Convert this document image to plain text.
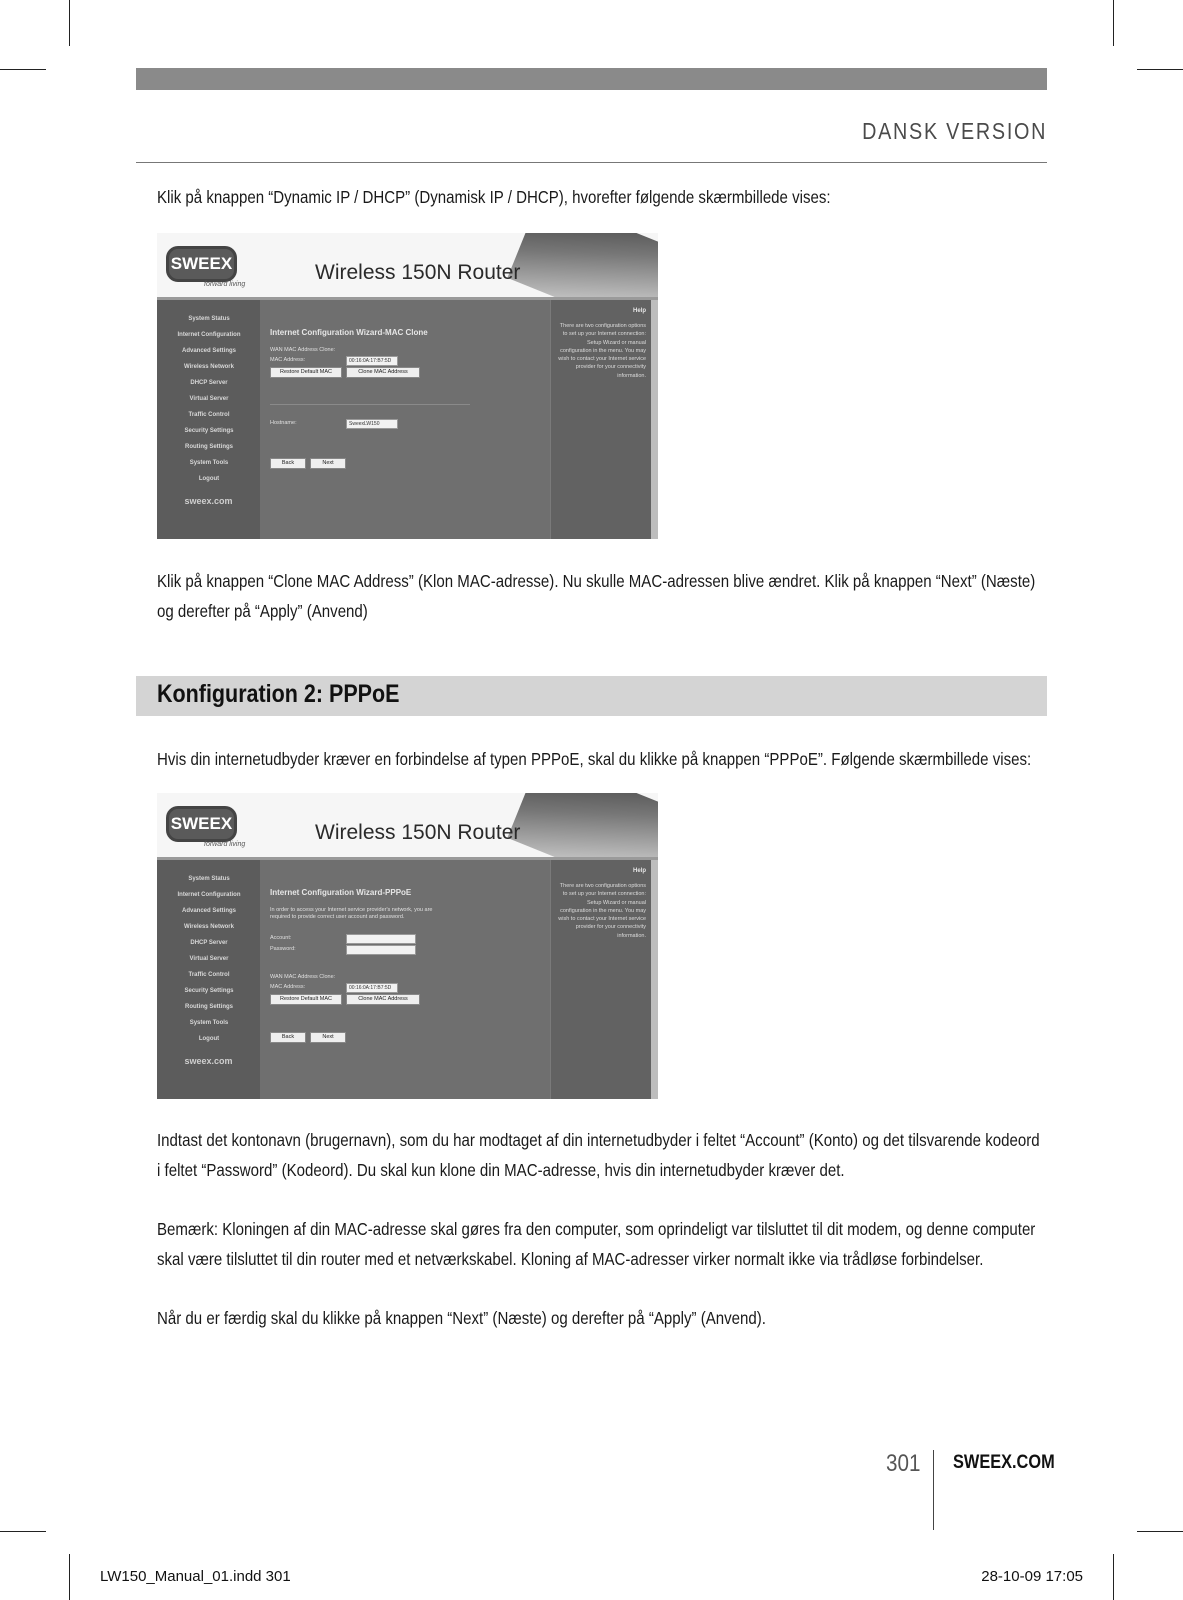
DANSK VERSION
Klik på knappen “Dynamic IP / DHCP” (Dynamisk IP / DHCP), hvorefter følgende skærmbillede vises:
SWEEX
forward living
Wireless 150N Router
System Status
Internet Configuration
Advanced Settings
Wireless Network
DHCP Server
Virtual Server
Traffic Control
Security Settings
Routing Settings
System Tools
Logout
sweex.com
Internet Configuration Wizard-MAC Clone
WAN MAC Address Clone:
MAC Address:	00:16:0A:17:B7:5D
Restore Default MAC	Clone MAC Address
Hostname:	SweexLW150
Back	Next
Help
There are two configuration options to set up your Internet connection: Setup Wizard or manual configuration in the menu. You may wish to contact your Internet service provider for your connectivity information.
Klik på knappen “Clone MAC Address” (Klon MAC-adresse). Nu skulle MAC-adressen blive ændret. Klik på knappen “Next” (Næste) og derefter på “Apply” (Anvend)
Konfiguration 2: PPPoE
Hvis din internetudbyder kræver en forbindelse af typen PPPoE, skal du klikke på knappen “PPPoE”. Følgende skærmbillede vises:
SWEEX
forward living
Wireless 150N Router
System Status
Internet Configuration
Advanced Settings
Wireless Network
DHCP Server
Virtual Server
Traffic Control
Security Settings
Routing Settings
System Tools
Logout
sweex.com
Internet Configuration Wizard-PPPoE
In order to access your Internet service provider's network, you are required to provide correct user account and password.
Account:
Password:
WAN MAC Address Clone:
MAC Address:	00:16:0A:17:B7:5D
Restore Default MAC	Clone MAC Address
Back	Next
Help
There are two configuration options to set up your Internet connection: Setup Wizard or manual configuration in the menu. You may wish to contact your Internet service provider for your connectivity information.
Indtast det kontonavn (brugernavn), som du har modtaget af din internetudbyder i feltet “Account” (Konto) og det tilsvarende kodeord i feltet “Password” (Kodeord). Du skal kun klone din MAC-adresse, hvis din internetudbyder kræver det.
Bemærk: Kloningen af din MAC-adresse skal gøres fra den computer, som oprindeligt var tilsluttet til dit modem, og denne computer skal være tilsluttet til din router med et netværkskabel. Kloning af MAC-adresser virker normalt ikke via trådløse forbindelser.
Når du er færdig skal du klikke på knappen “Next” (Næste) og derefter på “Apply” (Anvend).
301 SWEEX.COM
LW150_Manual_01.indd 301	28-10-09 17:05
